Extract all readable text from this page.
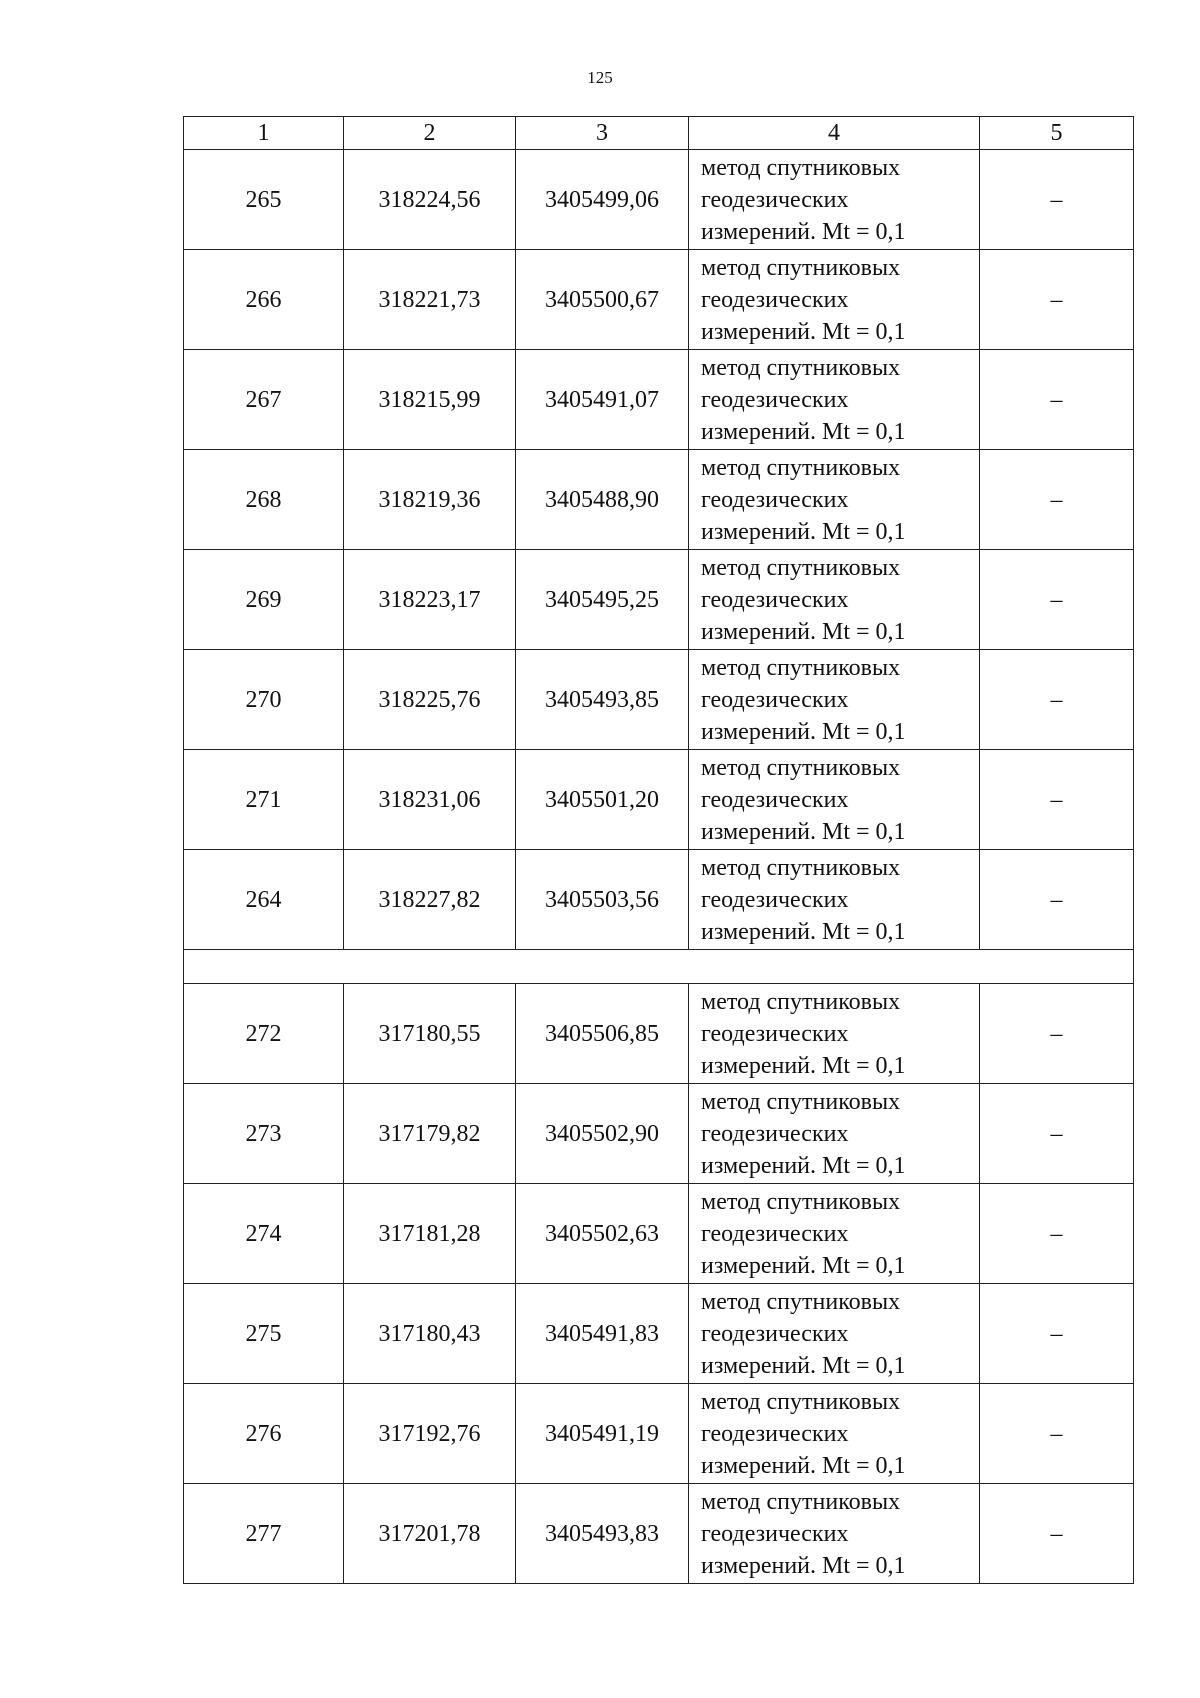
125
1	2	3	4	5
265	318224,56	3405499,06	метод спутниковых
геодезических
измерений. Mt = 0,1	–
266	318221,73	3405500,67	метод спутниковых
геодезических
измерений. Mt = 0,1	–
267	318215,99	3405491,07	метод спутниковых
геодезических
измерений. Mt = 0,1	–
268	318219,36	3405488,90	метод спутниковых
геодезических
измерений. Mt = 0,1	–
269	318223,17	3405495,25	метод спутниковых
геодезических
измерений. Mt = 0,1	–
270	318225,76	3405493,85	метод спутниковых
геодезических
измерений. Mt = 0,1	–
271	318231,06	3405501,20	метод спутниковых
геодезических
измерений. Mt = 0,1	–
264	318227,82	3405503,56	метод спутниковых
геодезических
измерений. Mt = 0,1	–

272	317180,55	3405506,85	метод спутниковых
геодезических
измерений. Mt = 0,1	–
273	317179,82	3405502,90	метод спутниковых
геодезических
измерений. Mt = 0,1	–
274	317181,28	3405502,63	метод спутниковых
геодезических
измерений. Mt = 0,1	–
275	317180,43	3405491,83	метод спутниковых
геодезических
измерений. Mt = 0,1	–
276	317192,76	3405491,19	метод спутниковых
геодезических
измерений. Mt = 0,1	–
277	317201,78	3405493,83	метод спутниковых
геодезических
измерений. Mt = 0,1	–
